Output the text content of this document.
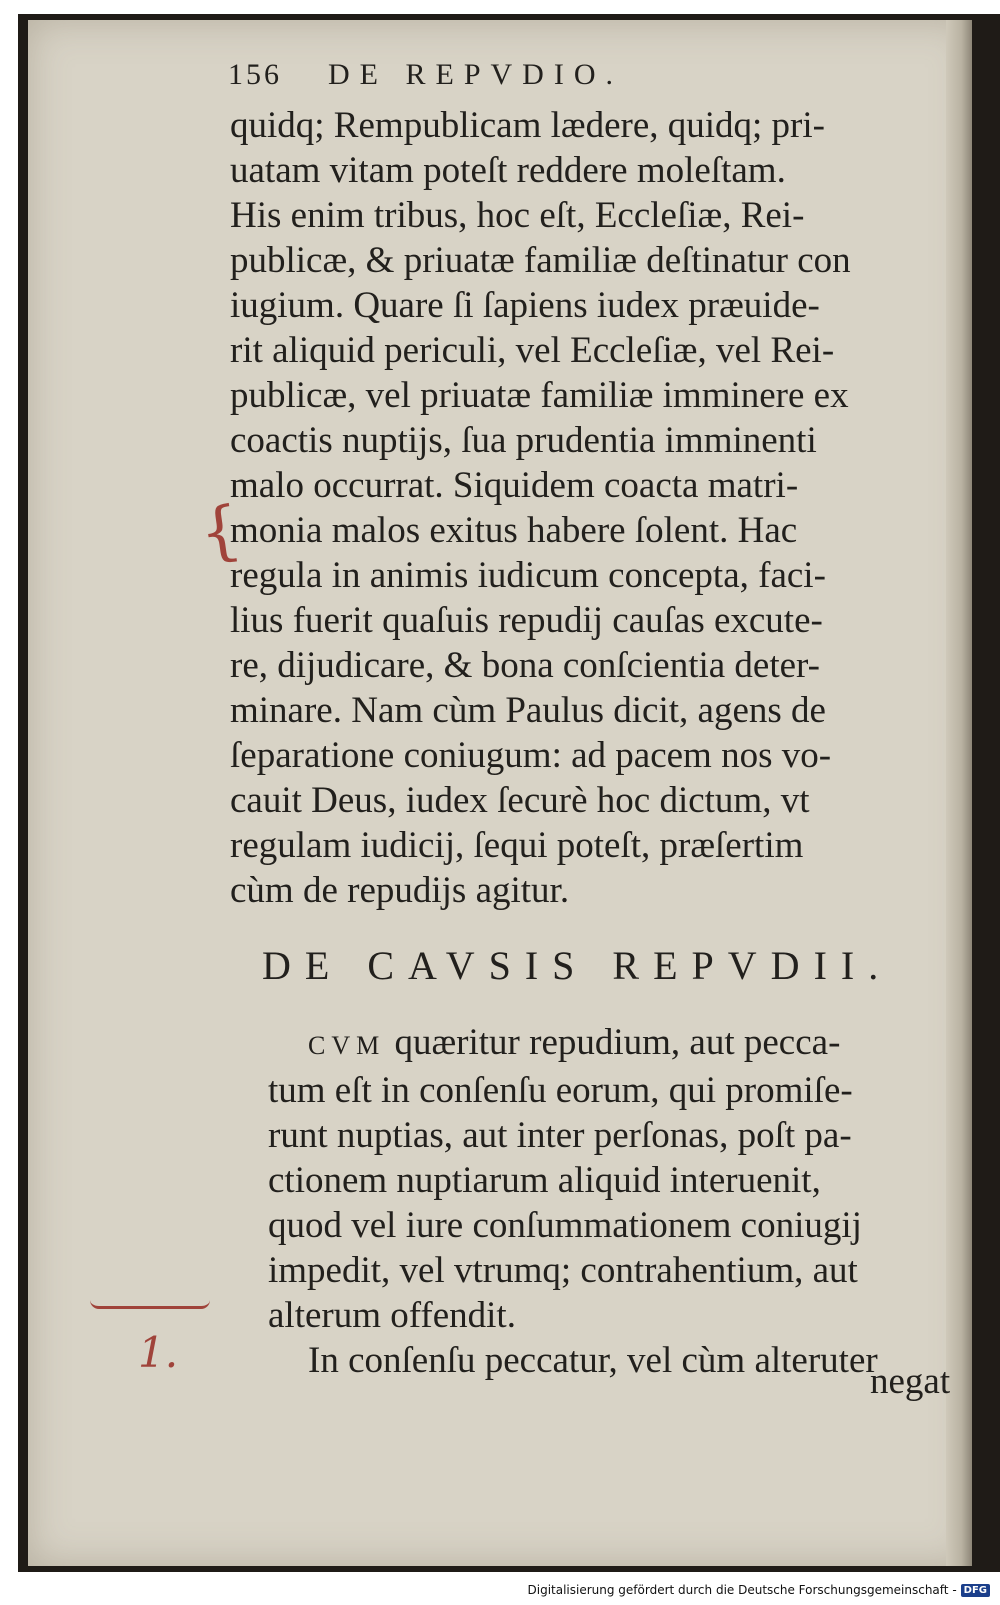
156 DE REPVDIO.
quidq; Rempublicam lædere, quidq; pri-
uatam vitam poteſt reddere moleſtam.
His enim tribus, hoc eſt, Eccleſiæ, Rei-
publicæ, & priuatæ familiæ deſtinatur con
iugium. Quare ſi ſapiens iudex præuide-
rit aliquid periculi, vel Eccleſiæ, vel Rei-
publicæ, vel priuatæ familiæ imminere ex
coactis nuptijs, ſua prudentia imminenti
malo occurrat. Siquidem coacta matri-
monia malos exitus habere ſolent. Hac
regula in animis iudicum concepta, faci-
lius fuerit quaſuis repudij cauſas excute-
re, dijudicare, & bona conſcientia deter-
minare. Nam cùm Paulus dicit, agens de
ſeparatione coniugum: ad pacem nos vo-
cauit Deus, iudex ſecurè hoc dictum, vt
regulam iudicij, ſequi poteſt, præſertim
cùm de repudijs agitur.
DE CAVSIS REPVDII.
CVM quæritur repudium, aut pecca-
tum eſt in conſenſu eorum, qui promiſe-
runt nuptias, aut inter perſonas, poſt pa-
ctionem nuptiarum aliquid interuenit,
quod vel iure conſummationem coniugij
impedit, vel vtrumq; contrahentium, aut
alterum offendit.
In conſenſu peccatur, vel cùm alteruter
negat
{
1.
Digitalisierung gefördert durch die Deutsche Forschungsgemeinschaft - DFG
